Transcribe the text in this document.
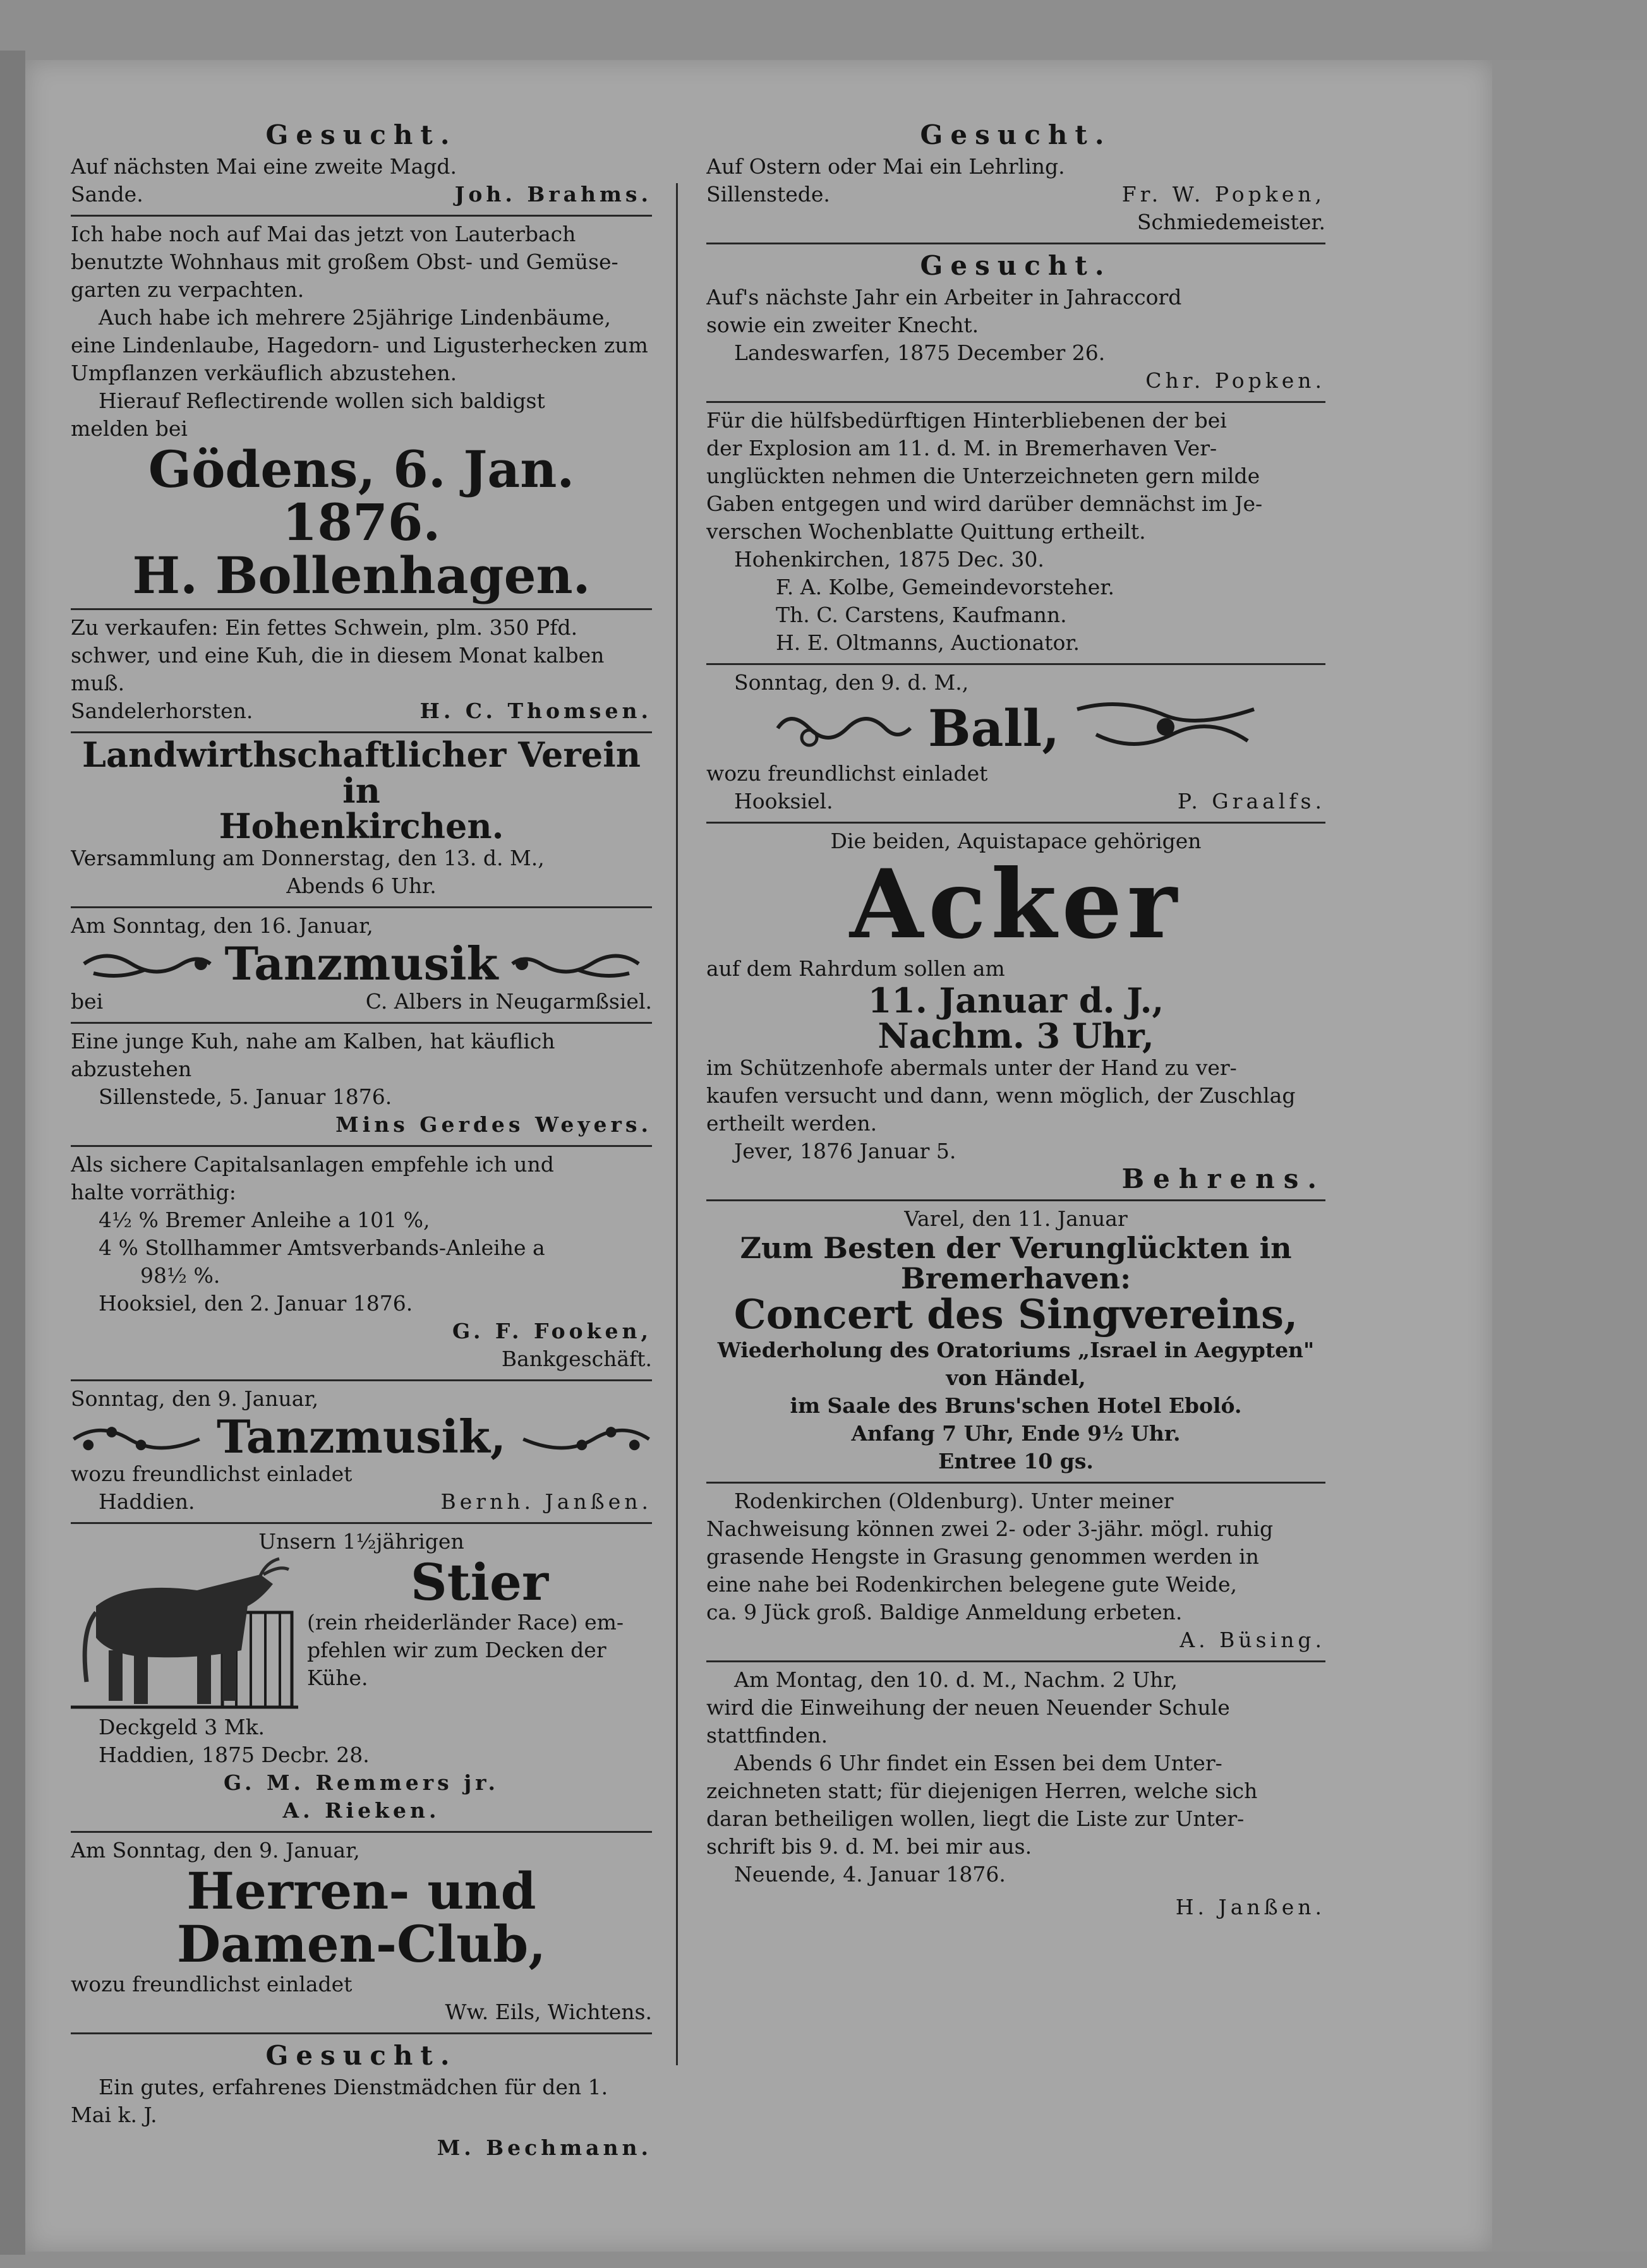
Gesucht.
Auf nächsten Mai eine zweite Magd.
Sande.	Joh. Brahms.
Ich habe noch auf Mai das jetzt von Lauterbach
benutzte Wohnhaus mit großem Obst- und Gemüse-
garten zu verpachten.
Auch habe ich mehrere 25jährige Lindenbäume,
eine Lindenlaube, Hagedorn- und Ligusterhecken zum
Umpflanzen verkäuflich abzustehen.
Hierauf Reflectirende wollen sich baldigst
melden bei
Gödens, 6. Jan. 1876.
H. Bollenhagen.
Zu verkaufen: Ein fettes Schwein, plm. 350 Pfd.
schwer, und eine Kuh, die in diesem Monat kalben
muß.
Sandelerhorsten.	H. C. Thomsen.
Landwirthschaftlicher Verein in
Hohenkirchen.
Versammlung am Donnerstag, den 13. d. M.,
Abends 6 Uhr.
Am Sonntag, den 16. Januar,
Tanzmusik
bei	C. Albers in Neugarmßsiel.
Eine junge Kuh, nahe am Kalben, hat käuflich
abzustehen
Sillenstede, 5. Januar 1876.
Mins Gerdes Weyers.
Als sichere Capitalsanlagen empfehle ich und
halte vorräthig:
4½ % Bremer Anleihe a 101 %,
4 % Stollhammer Amtsverbands-Anleihe a
98½ %.
Hooksiel, den 2. Januar 1876.
G. F. Fooken,
Bankgeschäft.
Sonntag, den 9. Januar,
Tanzmusik,
wozu freundlichst einladet
Haddien.	Bernh. Janßen.
Unsern 1½jährigen
Stier
(rein rheiderländer Race) em-
pfehlen wir zum Decken der
Kühe.
Deckgeld 3 Mk.
Haddien, 1875 Decbr. 28.
G. M. Remmers jr.
A. Rieken.
Am Sonntag, den 9. Januar,
Herren- und Damen-Club,
wozu freundlichst einladet
Ww. Eils, Wichtens.
Gesucht.
Ein gutes, erfahrenes Dienstmädchen für den 1.
Mai k. J.
M. Bechmann.
Gesucht.
Auf Ostern oder Mai ein Lehrling.
Sillenstede.	Fr. W. Popken,
Schmiedemeister.
Gesucht.
Auf's nächste Jahr ein Arbeiter in Jahraccord
sowie ein zweiter Knecht.
Landeswarfen, 1875 December 26.
Chr. Popken.
Für die hülfsbedürftigen Hinterbliebenen der bei
der Explosion am 11. d. M. in Bremerhaven Ver-
unglückten nehmen die Unterzeichneten gern milde
Gaben entgegen und wird darüber demnächst im Je-
verschen Wochenblatte Quittung ertheilt.
Hohenkirchen, 1875 Dec. 30.
F. A. Kolbe, Gemeindevorsteher.
Th. C. Carstens, Kaufmann.
H. E. Oltmanns, Auctionator.
Sonntag, den 9. d. M.,
Ball,
wozu freundlichst einladet
Hooksiel.	P. Graalfs.
Die beiden, Aquistapace gehörigen
Acker
auf dem Rahrdum sollen am
11. Januar d. J.,
Nachm. 3 Uhr,
im Schützenhofe abermals unter der Hand zu ver-
kaufen versucht und dann, wenn möglich, der Zuschlag
ertheilt werden.
Jever, 1876 Januar 5.
Behrens.
Varel, den 11. Januar
Zum Besten der Verunglückten in
Bremerhaven:
Concert des Singvereins,
Wiederholung des Oratoriums „Israel in Aegypten"
von Händel,
im Saale des Bruns'schen Hotel Eboló.
Anfang 7 Uhr, Ende 9½ Uhr.
Entree 10 gs.
Rodenkirchen (Oldenburg). Unter meiner
Nachweisung können zwei 2- oder 3-jähr. mögl. ruhig
grasende Hengste in Grasung genommen werden in
eine nahe bei Rodenkirchen belegene gute Weide,
ca. 9 Jück groß. Baldige Anmeldung erbeten.
A. Büsing.
Am Montag, den 10. d. M., Nachm. 2 Uhr,
wird die Einweihung der neuen Neuender Schule
stattfinden.
Abends 6 Uhr findet ein Essen bei dem Unter-
zeichneten statt; für diejenigen Herren, welche sich
daran betheiligen wollen, liegt die Liste zur Unter-
schrift bis 9. d. M. bei mir aus.
Neuende, 4. Januar 1876.
H. Janßen.
